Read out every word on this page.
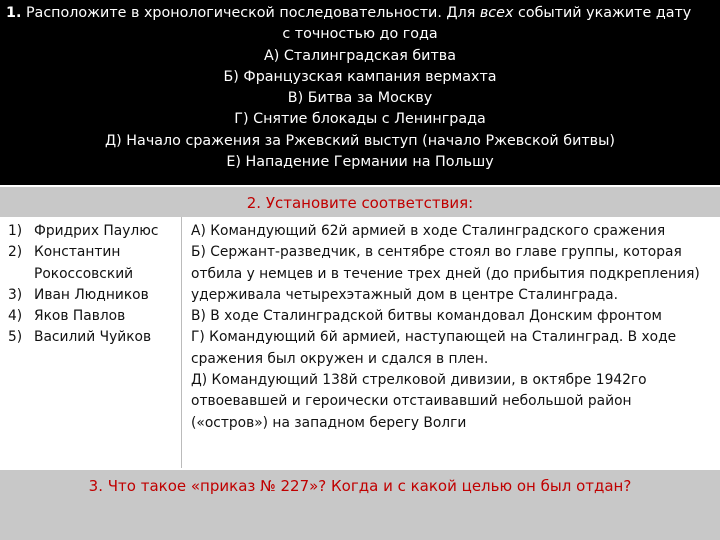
1. Расположите в хронологической последовательности. Для всех событий укажите дату
с точностью до года
А) Сталинградская битва
Б) Французская кампания вермахта
В) Битва за Москву
Г) Снятие блокады с Ленинграда
Д) Начало сражения за Ржевский выступ (начало Ржевской битвы)
Е) Нападение Германии на Польшу
2. Установите соответствия:
1) Фридрих Паулюс
2) Константин Рокоссовский
3) Иван Людников
4) Яков Павлов
5) Василий Чуйков

А) Командующий 62й армией в ходе Сталинградского сражения

Б) Сержант-разведчик, в сентябре стоял во главе группы, которая отбила у немцев и в течение трех дней (до прибытия подкрепления) удерживала четырехэтажный дом в центре Сталинграда.

В) В ходе Сталинградской битвы командовал Донским фронтом

Г) Командующий 6й армией, наступающей на Сталинград. В ходе сражения был окружен и сдался в плен.

Д) Командующий 138й стрелковой дивизии, в октябре 1942го отвоевавшей и героически отстаивавший небольшой район («остров») на западном берегу Волги

3. Что такое «приказ № 227»? Когда и с какой целью он был отдан?
